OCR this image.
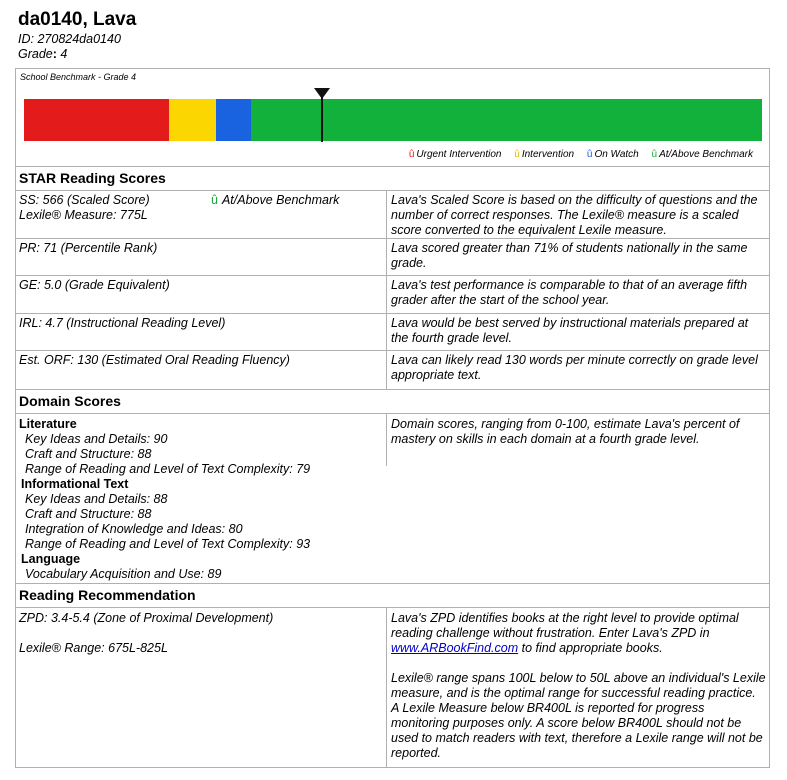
da0140, Lava
ID: 270824da0140
Grade: 4
School Benchmark - Grade 4
û Urgent Intervention û Intervention û On Watch û At/Above Benchmark
STAR Reading Scores
SS: 566 (Scaled Score)
Lexile® Measure: 775L
û At/Above Benchmark	Lava's Scaled Score is based on the difficulty of questions and the number of correct responses. The Lexile® measure is a scaled score converted to the equivalent Lexile measure.
PR: 71 (Percentile Rank)	Lava scored greater than 71% of students nationally in the same grade.
GE: 5.0 (Grade Equivalent)	Lava's test performance is comparable to that of an average fifth grader after the start of the school year.
IRL: 4.7 (Instructional Reading Level)	Lava would be best served by instructional materials prepared at the fourth grade level.
Est. ORF: 130 (Estimated Oral Reading Fluency)	Lava can likely read 130 words per minute correctly on grade level appropriate text.
Domain Scores
Literature
Key Ideas and Details: 90
Craft and Structure: 88
Range of Reading and Level of Text Complexity: 79
Informational Text
Key Ideas and Details: 88
Craft and Structure: 88
Integration of Knowledge and Ideas: 80
Range of Reading and Level of Text Complexity: 93
Language
Vocabulary Acquisition and Use: 89
Domain scores, ranging from 0-100, estimate Lava's percent of mastery on skills in each domain at a fourth grade level.
Reading Recommendation
ZPD: 3.4-5.4 (Zone of Proximal Development)
Lexile® Range: 675L-825L

Lava's ZPD identifies books at the right level to provide optimal reading challenge without frustration. Enter Lava's ZPD in www.ARBookFind.com to find appropriate books.

Lexile® range spans 100L below to 50L above an individual's Lexile measure, and is the optimal range for successful reading practice. A Lexile Measure below BR400L is reported for progress monitoring purposes only. A score below BR400L should not be used to match readers with text, therefore a Lexile range will not be reported.
